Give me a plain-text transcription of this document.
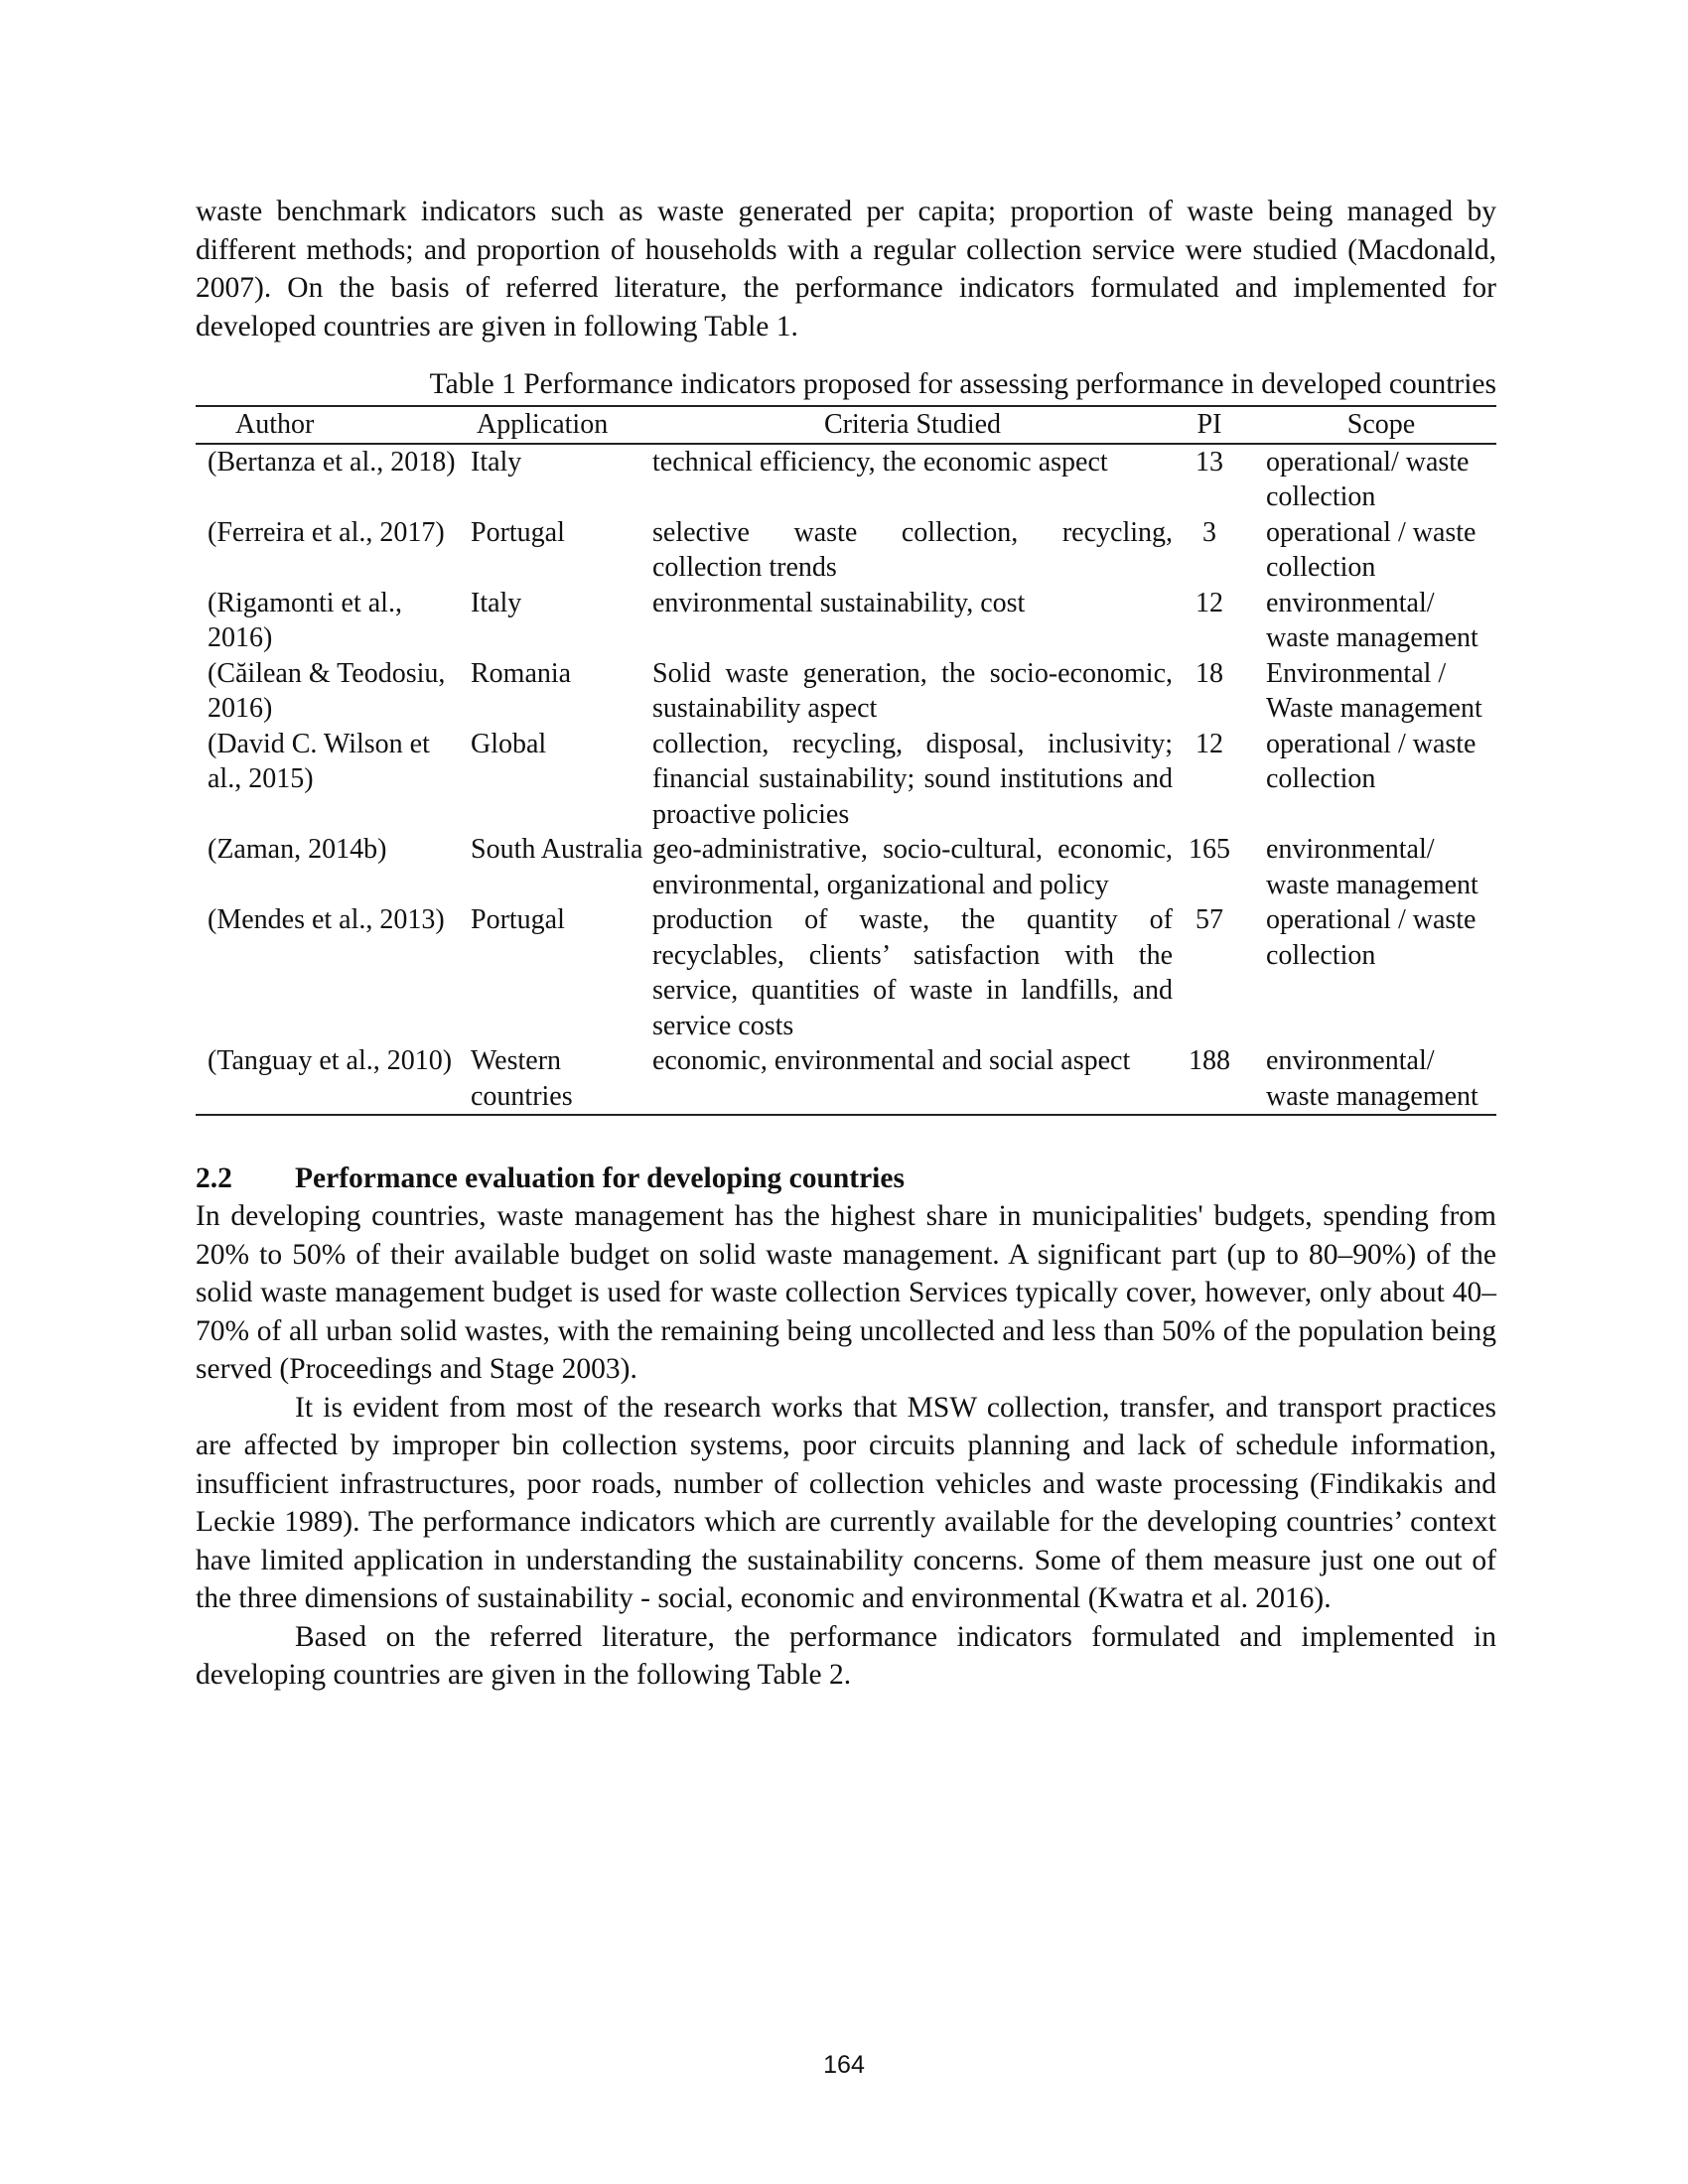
waste benchmark indicators such as waste generated per capita; proportion of waste being managed by different methods; and proportion of households with a regular collection service were studied (Macdonald, 2007). On the basis of referred literature, the performance indicators formulated and implemented for developed countries are given in following Table 1.

Table 1 Performance indicators proposed for assessing performance in developed countries
Author	Application	Criteria Studied	PI	Scope
(Bertanza et al., 2018)	Italy	technical efficiency, the economic aspect	13	operational/ waste collection
(Ferreira et al., 2017)	Portugal	selective waste collection, recycling, collection trends	3	operational / waste collection
(Rigamonti et al., 2016)	Italy	environmental sustainability, cost	12	environmental/ waste management
(Căilean & Teodosiu, 2016)	Romania	Solid waste generation, the socio-economic, sustainability aspect	18	Environmental / Waste management
(David C. Wilson et al., 2015)	Global	collection, recycling, disposal, inclusivity; financial sustainability; sound institutions and proactive policies	12	operational / waste collection
(Zaman, 2014b)	South Australia	geo-administrative, socio-cultural, economic, environmental, organizational and policy	165	environmental/ waste management
(Mendes et al., 2013)	Portugal	production of waste, the quantity of recyclables, clients’ satisfaction with the service, quantities of waste in landfills, and service costs	57	operational / waste collection
(Tanguay et al., 2010)	Western countries	economic, environmental and social aspect	188	environmental/ waste management
2.2 Performance evaluation for developing countries

In developing countries, waste management has the highest share in municipalities' budgets, spending from 20% to 50% of their available budget on solid waste management. A significant part (up to 80–90%) of the solid waste management budget is used for waste collection Services typically cover, however, only about 40–70% of all urban solid wastes, with the remaining being uncollected and less than 50% of the population being served (Proceedings and Stage 2003).

It is evident from most of the research works that MSW collection, transfer, and transport practices are affected by improper bin collection systems, poor circuits planning and lack of schedule information, insufficient infrastructures, poor roads, number of collection vehicles and waste processing (Findikakis and Leckie 1989). The performance indicators which are currently available for the developing countries’ context have limited application in understanding the sustainability concerns. Some of them measure just one out of the three dimensions of sustainability - social, economic and environmental (Kwatra et al. 2016).

Based on the referred literature, the performance indicators formulated and implemented in developing countries are given in the following Table 2.

164
